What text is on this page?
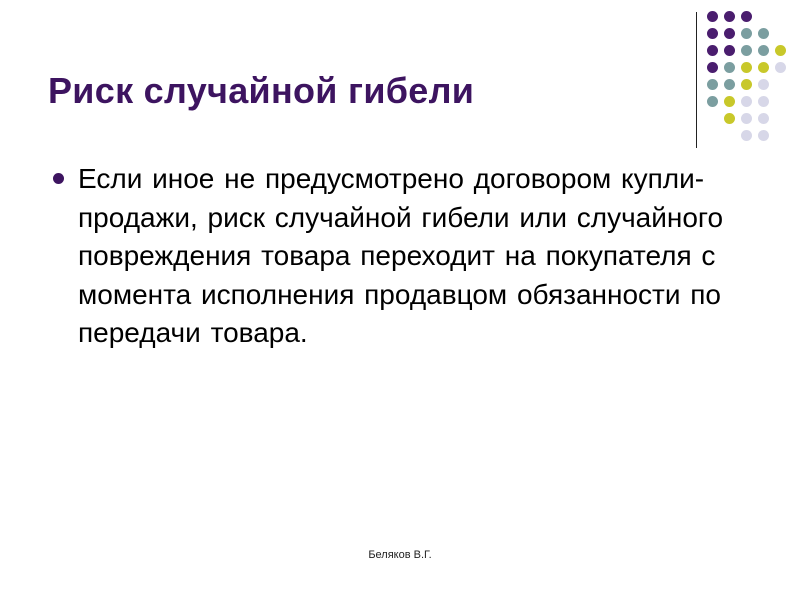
Риск случайной гибели
Если иное не предусмотрено договором купли-продажи, риск случайной гибели или случайного повреждения товара переходит на покупателя с момента исполнения продавцом обязанности по передачи товара.
Беляков В.Г.
